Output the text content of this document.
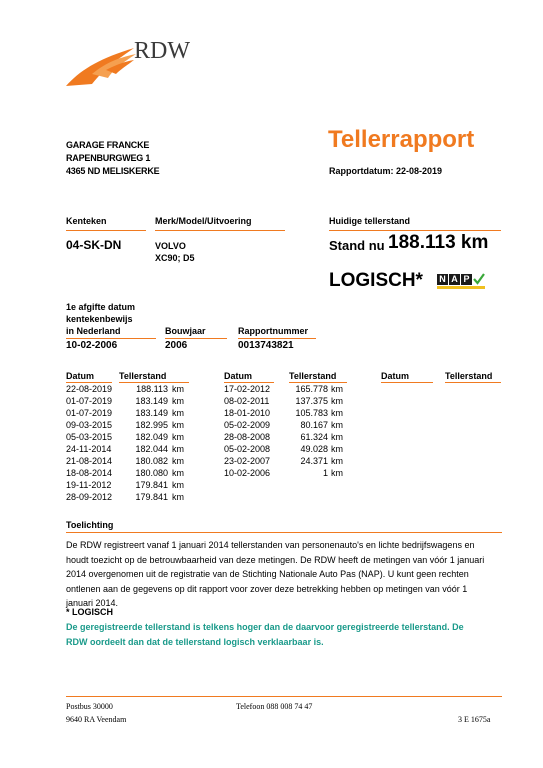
RDW
GARAGE FRANCKE
RAPENBURGWEG 1
4365 ND MELISKERKE
Tellerrapport
Rapportdatum: 22-08-2019
Kenteken	Merk/Model/Uitvoering	Huidige tellerstand
04-SK-DN	VOLVO
XC90; D5
Stand nu 188.113 km
LOGISCH* N A P
1e afgifte datum
kentekenbewijs
in Nederland	Bouwjaar	Rapportnummer
10-02-2006	2006	0013743821
Datum	Tellerstand	Datum	Tellerstand	Datum	Tellerstand
22-08-2019	188.113 km
01-07-2019	183.149 km
01-07-2019	183.149 km
09-03-2015	182.995 km
05-03-2015	182.049 km
24-11-2014	182.044 km
21-08-2014	180.082 km
18-08-2014	180.080 km
19-11-2012	179.841 km
28-09-2012	179.841 km
17-02-2012	165.778 km
08-02-2011	137.375 km
18-01-2010	105.783 km
05-02-2009	80.167 km
28-08-2008	61.324 km
05-02-2008	49.028 km
23-02-2007	24.371 km
10-02-2006	1 km
Toelichting
De RDW registreert vanaf 1 januari 2014 tellerstanden van personenauto's en lichte bedrijfswagens en houdt toezicht op de betrouwbaarheid van deze metingen. De RDW heeft de metingen van vóór 1 januari 2014 overgenomen uit de registratie van de Stichting Nationale Auto Pas (NAP). U kunt geen rechten ontlenen aan de gegevens op dit rapport voor zover deze betrekking hebben op metingen van vóór 1 januari 2014.
* LOGISCH
De geregistreerde tellerstand is telkens hoger dan de daarvoor geregistreerde tellerstand. De RDW oordeelt dan dat de tellerstand logisch verklaarbaar is.
Postbus 30000
9640 RA Veendam
Telefoon 088 008 74 47
3 E 1675a
